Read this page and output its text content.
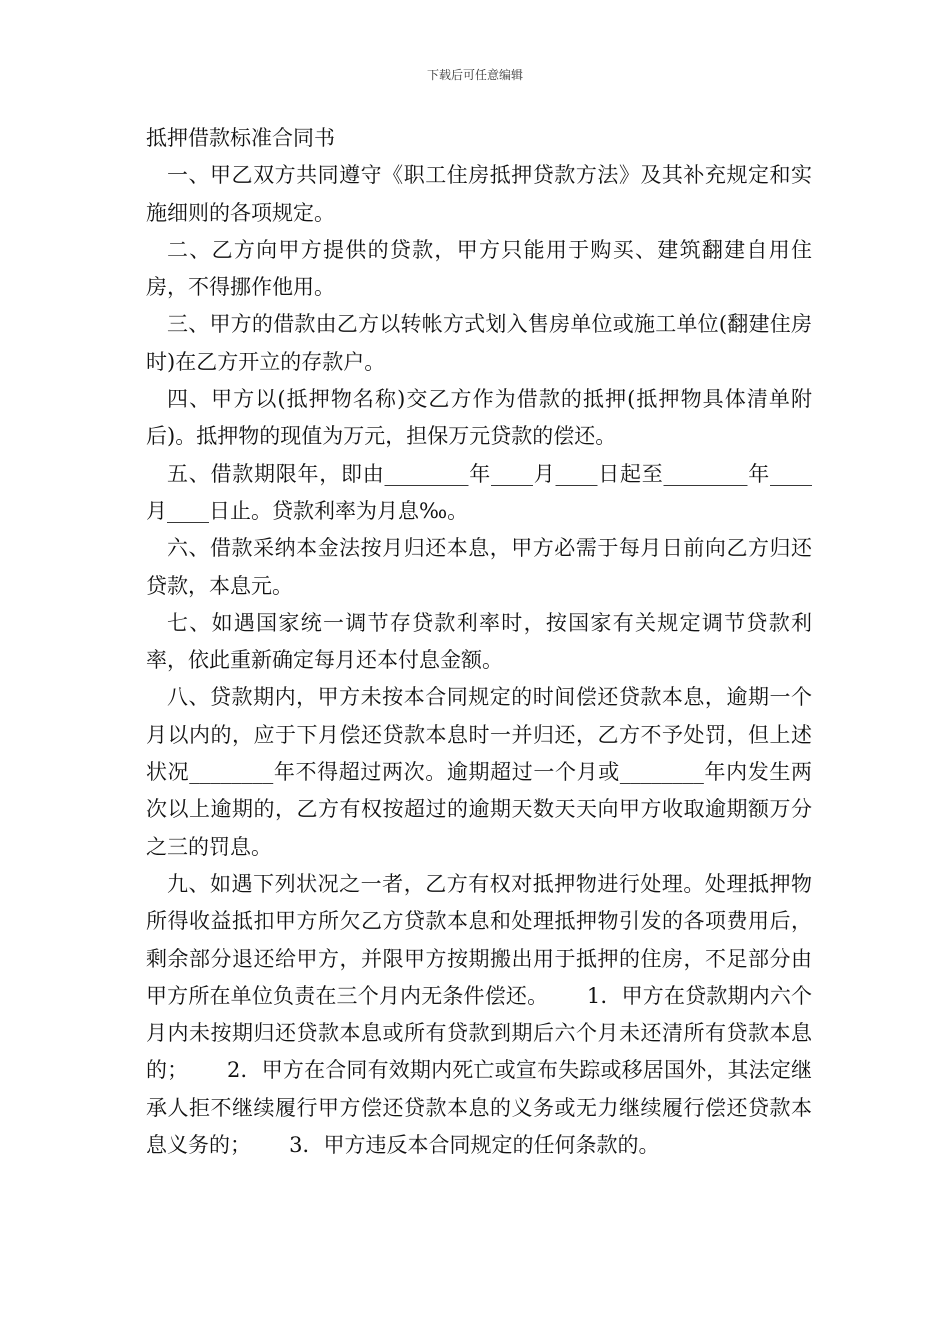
下载后可任意编辑

抵押借款标准合同书

一、甲乙双方共同遵守《职工住房抵押贷款方法》及其补充规定和实施细则的各项规定。

二、乙方向甲方提供的贷款，甲方只能用于购买、建筑翻建自用住房，不得挪作他用。

三、甲方的借款由乙方以转帐方式划入售房单位或施工单位(翻建住房时)在乙方开立的存款户。

四、甲方以(抵押物名称)交乙方作为借款的抵押(抵押物具体清单附后)。抵押物的现值为万元，担保万元贷款的偿还。

五、借款期限年，即由________年____月____日起至________年____月____日止。贷款利率为月息‰。

六、借款采纳本金法按月归还本息，甲方必需于每月日前向乙方归还贷款，本息元。

七、如遇国家统一调节存贷款利率时，按国家有关规定调节贷款利率，依此重新确定每月还本付息金额。

八、贷款期内，甲方未按本合同规定的时间偿还贷款本息，逾期一个月以内的，应于下月偿还贷款本息时一并归还，乙方不予处罚，但上述状况________年不得超过两次。逾期超过一个月或________年内发生两次以上逾期的，乙方有权按超过的逾期天数天天向甲方收取逾期额万分之三的罚息。

九、如遇下列状况之一者，乙方有权对抵押物进行处理。处理抵押物所得收益抵扣甲方所欠乙方贷款本息和处理抵押物引发的各项费用后，剩余部分退还给甲方，并限甲方按期搬出用于抵押的住房，不足部分由甲方所在单位负责在三个月内无条件偿还。　　 1．甲方在贷款期内六个月内未按期归还贷款本息或所有贷款到期后六个月未还清所有贷款本息的；　　 2．甲方在合同有效期内死亡或宣布失踪或移居国外，其法定继承人拒不继续履行甲方偿还贷款本息的义务或无力继续履行偿还贷款本息义务的；　　 3．甲方违反本合同规定的任何条款的。
